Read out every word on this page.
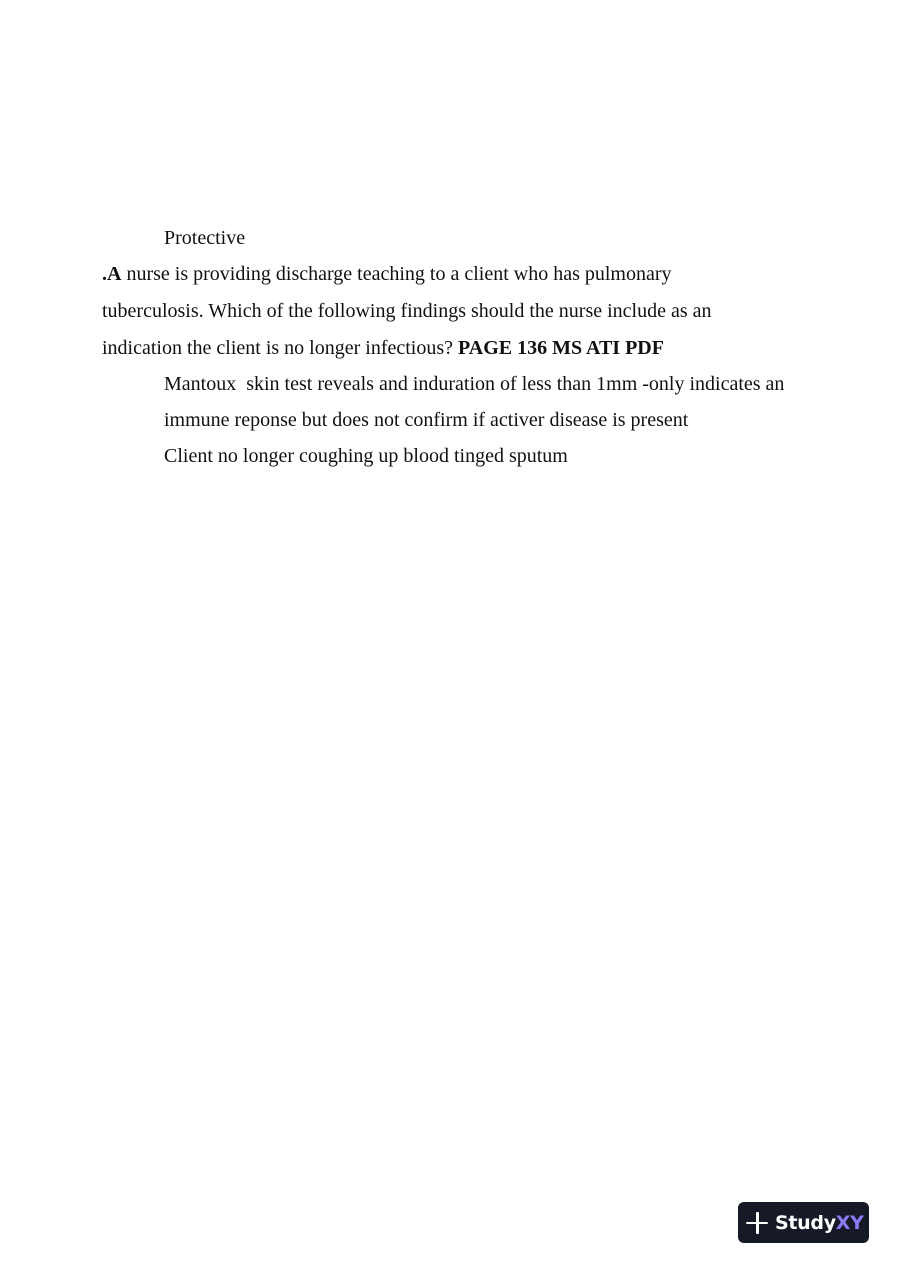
Protective
.A nurse is providing discharge teaching to a client who has pulmonary
tuberculosis. Which of the following findings should the nurse include as an
indication the client is no longer infectious? PAGE 136 MS ATI PDF
Mantoux  skin test reveals and induration of less than 1mm -only indicates an
immune reponse but does not confirm if activer disease is present
Client no longer coughing up blood tinged sputum
StudyXY
